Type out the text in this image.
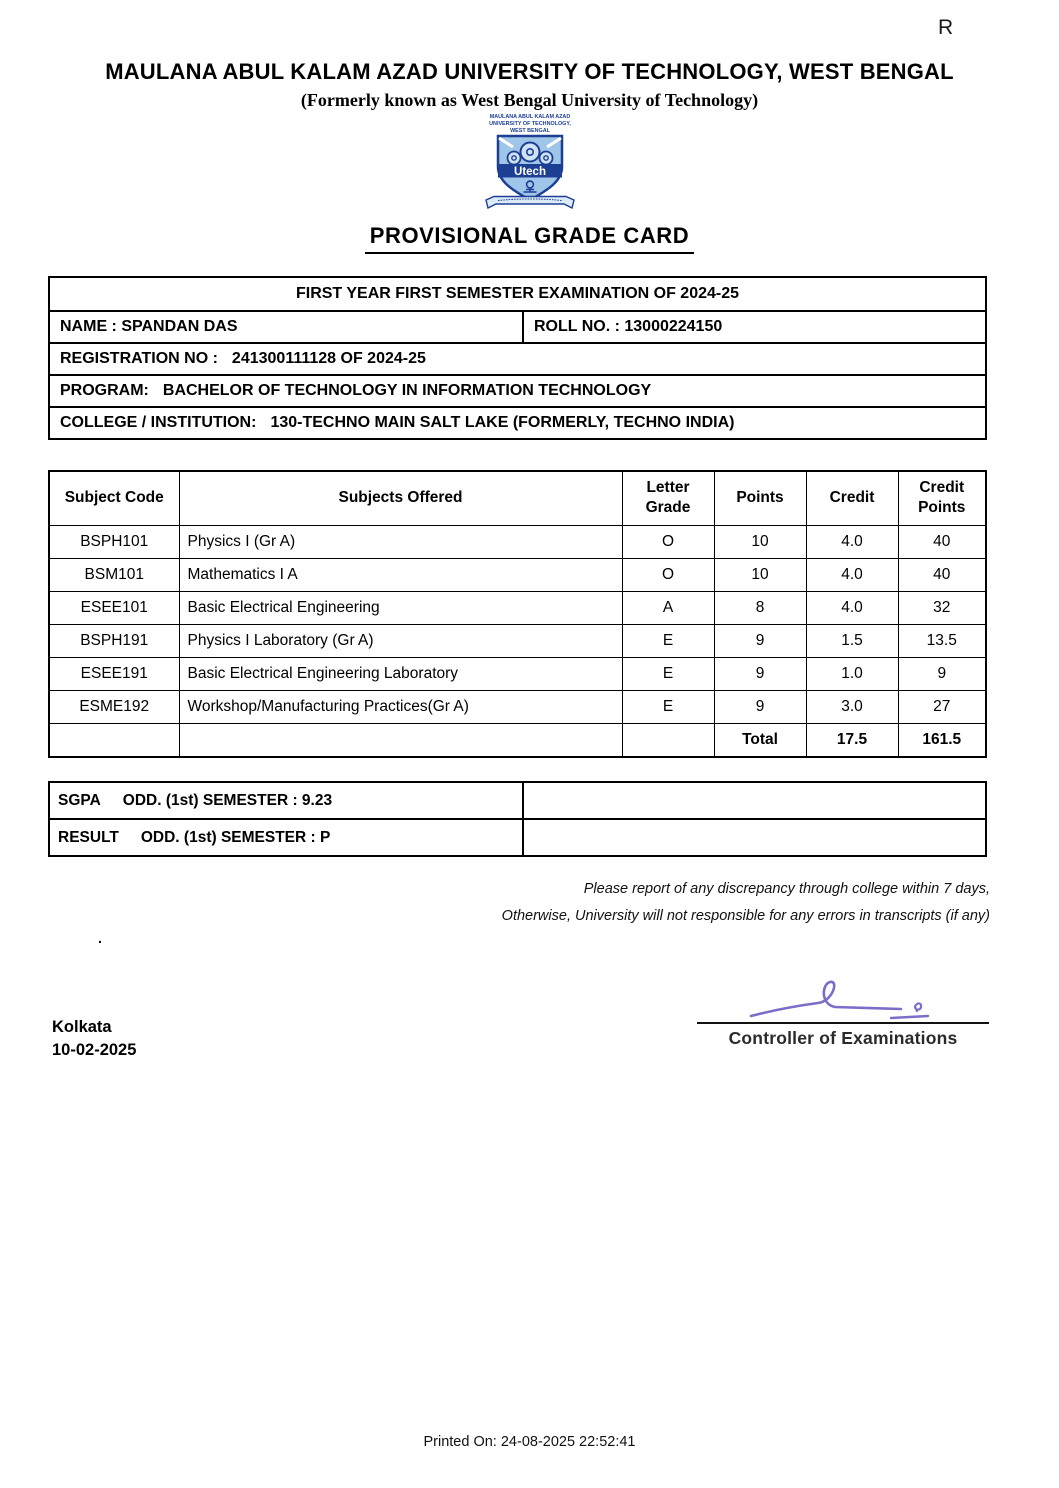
R
MAULANA ABUL KALAM AZAD UNIVERSITY OF TECHNOLOGY, WEST BENGAL
(Formerly known as West Bengal University of Technology)
MAULANA ABUL KALAM AZAD
UNIVERSITY OF TECHNOLOGY,
WEST BENGAL
Utech
PROVISIONAL GRADE CARD
FIRST YEAR FIRST SEMESTER EXAMINATION OF 2024-25
NAME : SPANDAN DAS	ROLL NO. : 13000224150
REGISTRATION NO : 241300111128 OF 2024-25
PROGRAM: BACHELOR OF TECHNOLOGY IN INFORMATION TECHNOLOGY
COLLEGE / INSTITUTION: 130-TECHNO MAIN SALT LAKE (FORMERLY, TECHNO INDIA)
Subject Code	Subjects Offered	Letter Grade	Points	Credit	Credit Points
BSPH101	Physics I (Gr A)	O	10	4.0	40
BSM101	Mathematics I A	O	10	4.0	40
ESEE101	Basic Electrical Engineering	A	8	4.0	32
BSPH191	Physics I Laboratory (Gr A)	E	9	1.5	13.5
ESEE191	Basic Electrical Engineering Laboratory	E	9	1.0	9
ESME192	Workshop/Manufacturing Practices(Gr A)	E	9	3.0	27
			Total	17.5	161.5
SGPA ODD. (1st) SEMESTER : 9.23	
RESULT ODD. (1st) SEMESTER : P	
Please report of any discrepancy through college within 7 days,
Otherwise, University will not responsible for any errors in transcripts (if any)
.
Controller of Examinations
Kolkata
10-02-2025
Printed On: 24-08-2025 22:52:41
